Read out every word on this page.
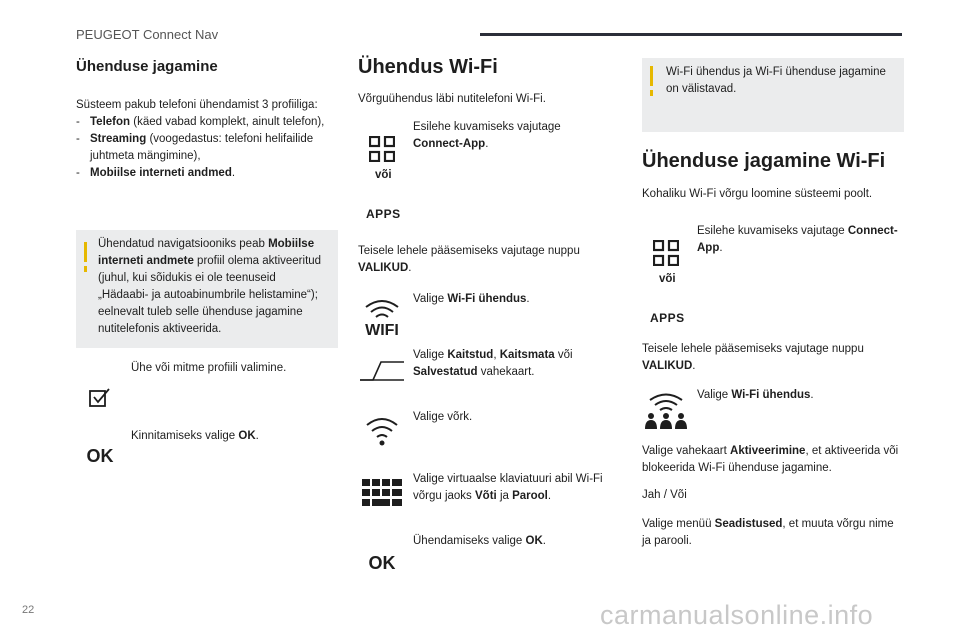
PEUGEOT Connect Nav
Ühenduse jagamine
Süsteem pakub telefoni ühendamist 3 profiiliga:
- Telefon (käed vabad komplekt, ainult telefon),
- Streaming (voogedastus: telefoni helifailide juhtmeta mängimine),
- Mobiilse interneti andmed.
Ühendatud navigatsiooniks peab Mobiilse interneti andmete profiil olema aktiveeritud (juhul, kui sõidukis ei ole teenuseid „Hädaabi- ja autoabinumbrile helistamine“); eelnevalt tuleb selle ühenduse jagamine nutitelefonis aktiveerida.
Ühe või mitme profiili valimine.
OK
Kinnitamiseks valige OK.
Ühendus Wi-Fi
Võrguühendus läbi nutitelefoni Wi-Fi.
Esilehe kuvamiseks vajutage Connect-App.
või
APPS
Teisele lehele pääsemiseks vajutage nuppu VALIKUD.
WIFI
Valige Wi-Fi ühendus.
Valige Kaitstud, Kaitsmata või Salvestatud vahekaart.
Valige võrk.
Valige virtuaalse klaviatuuri abil Wi-Fi võrgu jaoks Võti ja Parool.
OK
Ühendamiseks valige OK.
Wi-Fi ühendus ja Wi-Fi ühenduse jagamine on välistavad.
Ühenduse jagamine Wi-Fi
Kohaliku Wi-Fi võrgu loomine süsteemi poolt.
Esilehe kuvamiseks vajutage Connect-App.
või
APPS
Teisele lehele pääsemiseks vajutage nuppu VALIKUD.
Valige Wi-Fi ühendus.
Valige vahekaart Aktiveerimine, et aktiveerida või blokeerida Wi-Fi ühenduse jagamine.
Jah / Või
Valige menüü Seadistused, et muuta võrgu nime ja parooli.
22	carmanualsonline.info
